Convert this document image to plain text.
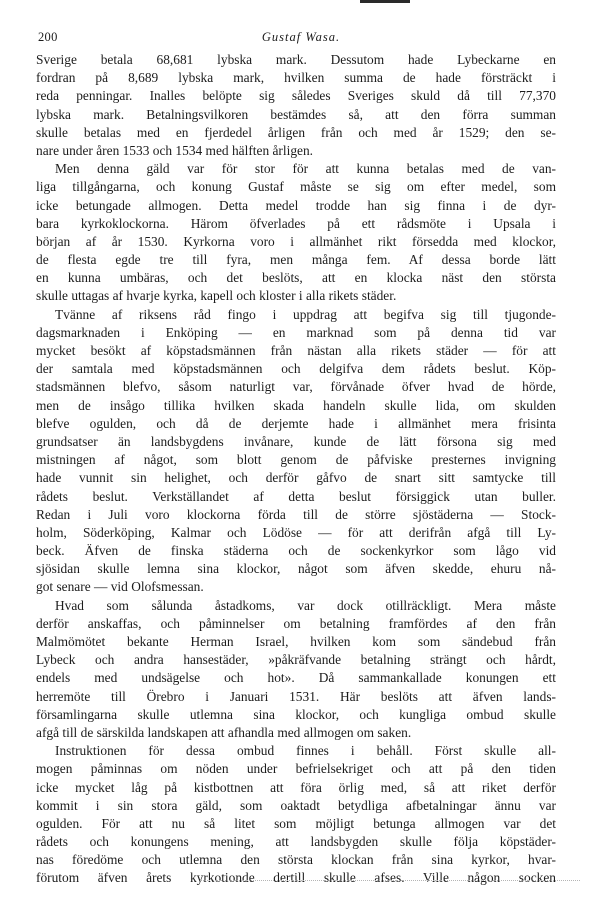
200	Gustaf Wasa.
Sverige betala 68,681 lybska mark. Dessutom hade Lybeckarne en
fordran på 8,689 lybska mark, hvilken summa de hade försträckt i
reda penningar. Inalles belöpte sig således Sveriges skuld då till 77,370
lybska mark. Betalningsvilkoren bestämdes så, att den förra summan
skulle betalas med en fjerdedel årligen från och med år 1529; den se-
nare under åren 1533 och 1534 med hälften årligen.
Men denna gäld var för stor för att kunna betalas med de van-
liga tillgångarna, och konung Gustaf måste se sig om efter medel, som
icke betungade allmogen. Detta medel trodde han sig finna i de dyr-
bara kyrkoklockorna. Härom öfverlades på ett rådsmöte i Upsala i
början af år 1530. Kyrkorna voro i allmänhet rikt försedda med klockor,
de flesta egde tre till fyra, men många fem. Af dessa borde lätt
en kunna umbäras, och det beslöts, att en klocka näst den största
skulle uttagas af hvarje kyrka, kapell och kloster i alla rikets städer.
Tvänne af riksens råd fingo i uppdrag att begifva sig till tjugonde-
dagsmarknaden i Enköping — en marknad som på denna tid var
mycket besökt af köpstadsmännen från nästan alla rikets städer — för att
der samtala med köpstadsmännen och delgifva dem rådets beslut. Köp-
stadsmännen blefvo, såsom naturligt var, förvånade öfver hvad de hörde,
men de insågo tillika hvilken skada handeln skulle lida, om skulden
blefve ogulden, och då de derjemte hade i allmänhet mera frisinta
grundsatser än landsbygdens invånare, kunde de lätt försona sig med
mistningen af något, som blott genom de påfviske presternes invigning
hade vunnit sin helighet, och derför gåfvo de snart sitt samtycke till
rådets beslut. Verkställandet af detta beslut försiggick utan buller.
Redan i Juli voro klockorna förda till de större sjöstäderna — Stock-
holm, Söderköping, Kalmar och Lödöse — för att derifrån afgå till Ly-
beck. Äfven de finska städerna och de sockenkyrkor som lågo vid
sjösidan skulle lemna sina klockor, något som äfven skedde, ehuru nå-
got senare — vid Olofsmessan.
Hvad som sålunda åstadkoms, var dock otillräckligt. Mera måste
derför anskaffas, och påminnelser om betalning framfördes af den från
Malmömötet bekante Herman Israel, hvilken kom som sändebud från
Lybeck och andra hansestäder, »påkräfvande betalning strängt och hårdt,
endels med undsägelse och hot». Då sammankallade konungen ett
herremöte till Örebro i Januari 1531. Här beslöts att äfven lands-
församlingarna skulle utlemna sina klockor, och kungliga ombud skulle
afgå till de särskilda landskapen att afhandla med allmogen om saken.
Instruktionen för dessa ombud finnes i behåll. Först skulle all-
mogen påminnas om nöden under befrielsekriget och att på den tiden
icke mycket låg på kistbottnen att föra örlig med, så att riket derför
kommit i sin stora gäld, som oaktadt betydliga afbetalningar ännu var
ogulden. För att nu så litet som möjligt betunga allmogen var det
rådets och konungens mening, att landsbygden skulle följa köpstäder-
nas föredöme och utlemna den största klockan från sina kyrkor, hvar-
förutom äfven årets kyrkotionde dertill skulle afses. Ville någon socken
